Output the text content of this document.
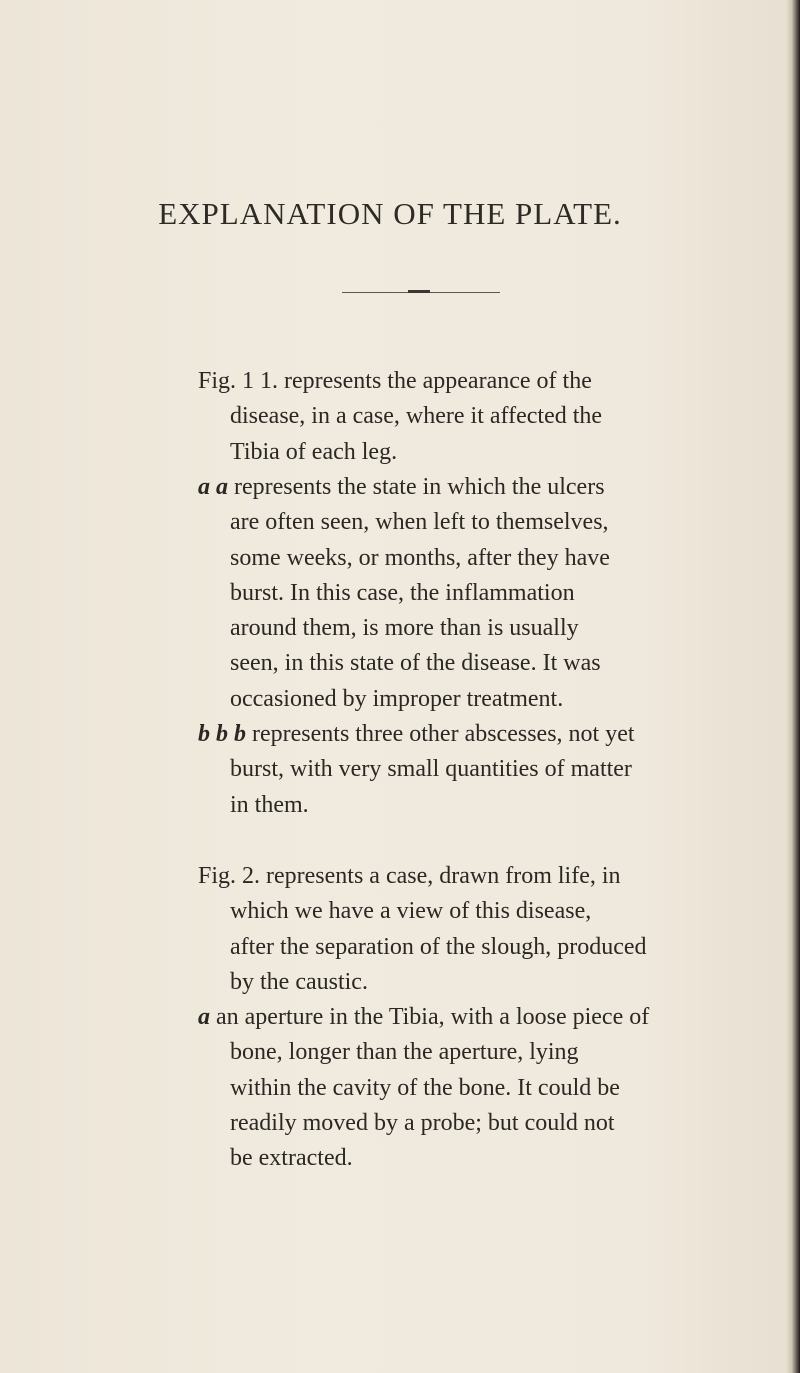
EXPLANATION OF THE PLATE.
Fig. 1 1. represents the appearance of the
disease, in a case, where it affected the
Tibia of each leg.
a a represents the state in which the ulcers
are often seen, when left to themselves,
some weeks, or months, after they have
burst. In this case, the inflammation
around them, is more than is usually
seen, in this state of the disease. It was
occasioned by improper treatment.
b b b represents three other abscesses, not yet
burst, with very small quantities of matter
in them.
Fig. 2. represents a case, drawn from life, in
which we have a view of this disease,
after the separation of the slough, produced
by the caustic.
a an aperture in the Tibia, with a loose piece of
bone, longer than the aperture, lying
within the cavity of the bone. It could be
readily moved by a probe; but could not
be extracted.
